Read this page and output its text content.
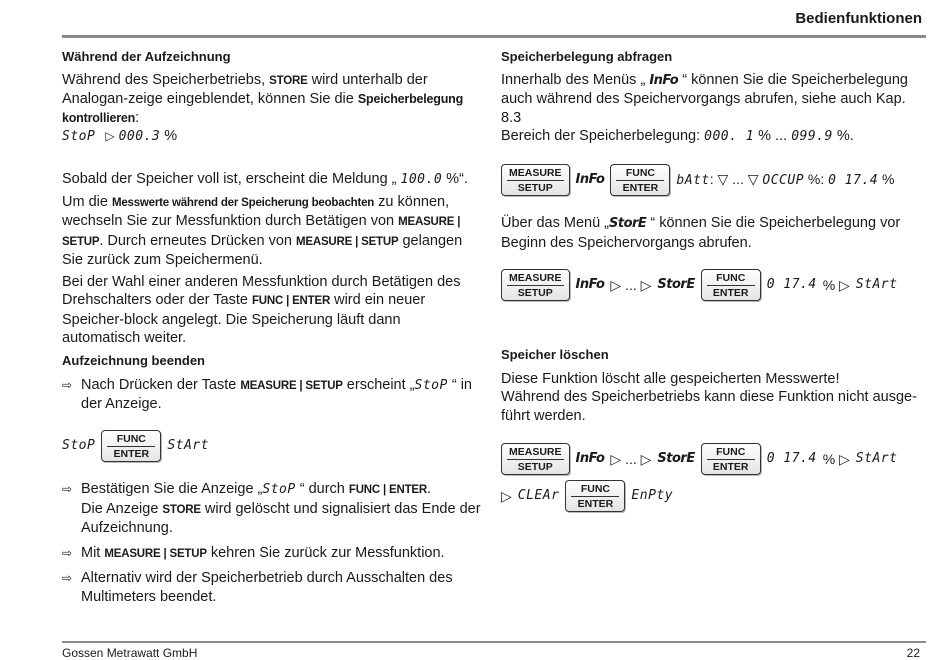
Bedienfunktionen

Während der Aufzeichnung

Während des Speicherbetriebs, STORE wird unterhalb der Analogan-zeige eingeblendet, können Sie die Speicherbelegung kontrollieren:

StoP ▷ 000.3 %

Sobald der Speicher voll ist, erscheint die Meldung „ 100.0 %“.

Um die Messwerte während der Speicherung beobachten zu können, wechseln Sie zur Messfunktion durch Betätigen von MEASURE | SETUP. Durch erneutes Drücken von MEASURE | SETUP gelangen Sie zurück zum Speichermenü.

Bei der Wahl einer anderen Messfunktion durch Betätigen des Drehschalters oder der Taste FUNC | ENTER wird ein neuer Speicher-block angelegt. Die Speicherung läuft dann automatisch weiter.

Aufzeichnung beenden

⇨ Nach Drücken der Taste MEASURE | SETUP erscheint „StoP “ in der Anzeige.
StoP	FUNC
ENTER
StArt
⇨ Bestätigen Sie die Anzeige „StoP “ durch FUNC | ENTER.
Die Anzeige STORE wird gelöscht und signalisiert das Ende der Aufzeichnung.
⇨ Mit MEASURE | SETUP kehren Sie zurück zur Messfunktion.
⇨ Alternativ wird der Speicherbetrieb durch Ausschalten des Multimeters beendet.

Speicherbelegung abfragen

Innerhalb des Menüs „ InFo “ können Sie die Speicherbelegung auch während des Speichervorgangs abrufen, siehe auch Kap. 8.3

Bereich der Speicherbelegung: 000. 1 % ... 099.9 %.

MEASURE
SETUP
InFo	FUNC
ENTER
bAtt: ▽ ... ▽ OCCUP %: 0 17.4 %

Über das Menü „StorE “ können Sie die Speicherbelegung vor Beginn des Speichervorgangs abrufen.

MEASURE
SETUP
InFo ▷ ... ▷ StorE	FUNC
ENTER
0 17.4 % ▷ StArt

Speicher löschen

Diese Funktion löscht alle gespeicherten Messwerte!

Während des Speicherbetriebs kann diese Funktion nicht ausge-führt werden.

MEASURE
SETUP
InFo ▷ ... ▷ StorE	FUNC
ENTER
0 17.4 % ▷ StArt
▷ CLEAr	FUNC
ENTER
EnPty
Gossen Metrawatt GmbH	22
